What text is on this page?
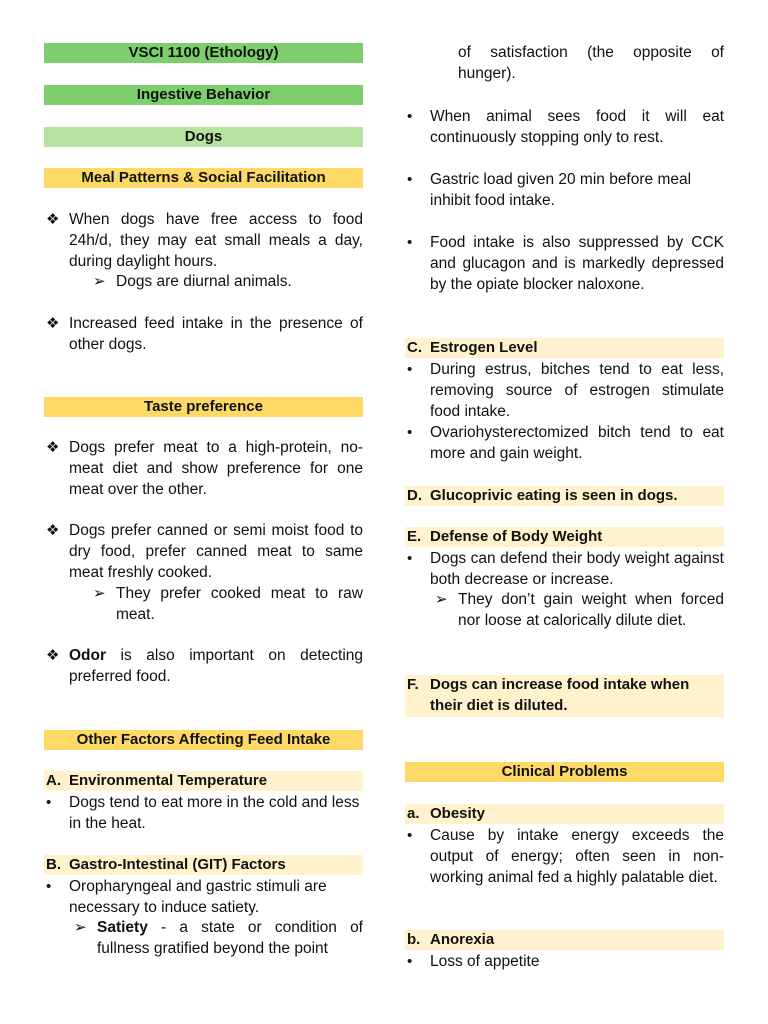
VSCI 1100 (Ethology)
Ingestive Behavior
Dogs
Meal Patterns & Social Facilitation
❖ When dogs have free access to food 24h/d, they may eat small meals a day, during daylight hours.
➢ Dogs are diurnal animals.
❖ Increased feed intake in the presence of other dogs.
Taste preference
❖ Dogs prefer meat to a high-protein, no-meat diet and show preference for one meat over the other.
❖ Dogs prefer canned or semi moist food to dry food, prefer canned meat to same meat freshly cooked.
➢ They prefer cooked meat to raw meat.
❖ Odor is also important on detecting preferred food.
Other Factors Affecting Feed Intake
A. Environmental Temperature
• Dogs tend to eat more in the cold and less in the heat.
B. Gastro-Intestinal (GIT) Factors
• Oropharyngeal and gastric stimuli are necessary to induce satiety.
➢ Satiety - a state or condition of fullness gratified beyond the point
of satisfaction (the opposite of hunger).
• When animal sees food it will eat continuously stopping only to rest.
• Gastric load given 20 min before meal inhibit food intake.
• Food intake is also suppressed by CCK and glucagon and is markedly depressed by the opiate blocker naloxone.
C. Estrogen Level
• During estrus, bitches tend to eat less, removing source of estrogen stimulate food intake.
• Ovariohysterectomized bitch tend to eat more and gain weight.
D. Glucoprivic eating is seen in dogs.
E. Defense of Body Weight
• Dogs can defend their body weight against both decrease or increase.
➢ They don’t gain weight when forced nor loose at calorically dilute diet.
F. Dogs can increase food intake when
their diet is diluted.
Clinical Problems
a. Obesity
• Cause by intake energy exceeds the output of energy; often seen in non-working animal fed a highly palatable diet.
b. Anorexia
• Loss of appetite
